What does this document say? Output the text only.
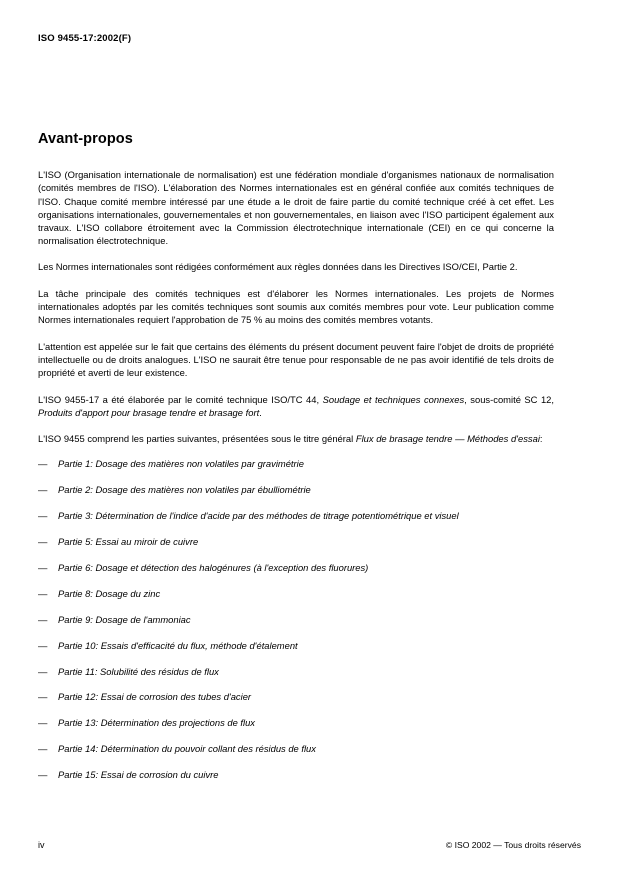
ISO 9455-17:2002(F)
Avant-propos

L'ISO (Organisation internationale de normalisation) est une fédération mondiale d'organismes nationaux de normalisation (comités membres de l'ISO). L'élaboration des Normes internationales est en général confiée aux comités techniques de l'ISO. Chaque comité membre intéressé par une étude a le droit de faire partie du comité technique créé à cet effet. Les organisations internationales, gouvernementales et non gouvernementales, en liaison avec l'ISO participent également aux travaux. L'ISO collabore étroitement avec la Commission électrotechnique internationale (CEI) en ce qui concerne la normalisation électrotechnique.

Les Normes internationales sont rédigées conformément aux règles données dans les Directives ISO/CEI, Partie 2.

La tâche principale des comités techniques est d'élaborer les Normes internationales. Les projets de Normes internationales adoptés par les comités techniques sont soumis aux comités membres pour vote. Leur publication comme Normes internationales requiert l'approbation de 75 % au moins des comités membres votants.

L'attention est appelée sur le fait que certains des éléments du présent document peuvent faire l'objet de droits de propriété intellectuelle ou de droits analogues. L'ISO ne saurait être tenue pour responsable de ne pas avoir identifié de tels droits de propriété et averti de leur existence.

L'ISO 9455-17 a été élaborée par le comité technique ISO/TC 44, Soudage et techniques connexes, sous-comité SC 12, Produits d'apport pour brasage tendre et brasage fort.

L'ISO 9455 comprend les parties suivantes, présentées sous le titre général Flux de brasage tendre — Méthodes d'essai:

— Partie 1: Dosage des matières non volatiles par gravimétrie
— Partie 2: Dosage des matières non volatiles par ébulliométrie
— Partie 3: Détermination de l'indice d'acide par des méthodes de titrage potentiométrique et visuel
— Partie 5: Essai au miroir de cuivre
— Partie 6: Dosage et détection des halogénures (à l'exception des fluorures)
— Partie 8: Dosage du zinc
— Partie 9: Dosage de l'ammoniac
— Partie 10: Essais d'efficacité du flux, méthode d'étalement
— Partie 11: Solubilité des résidus de flux
— Partie 12: Essai de corrosion des tubes d'acier
— Partie 13: Détermination des projections de flux
— Partie 14: Détermination du pouvoir collant des résidus de flux
— Partie 15: Essai de corrosion du cuivre
iv	© ISO 2002 — Tous droits réservés
